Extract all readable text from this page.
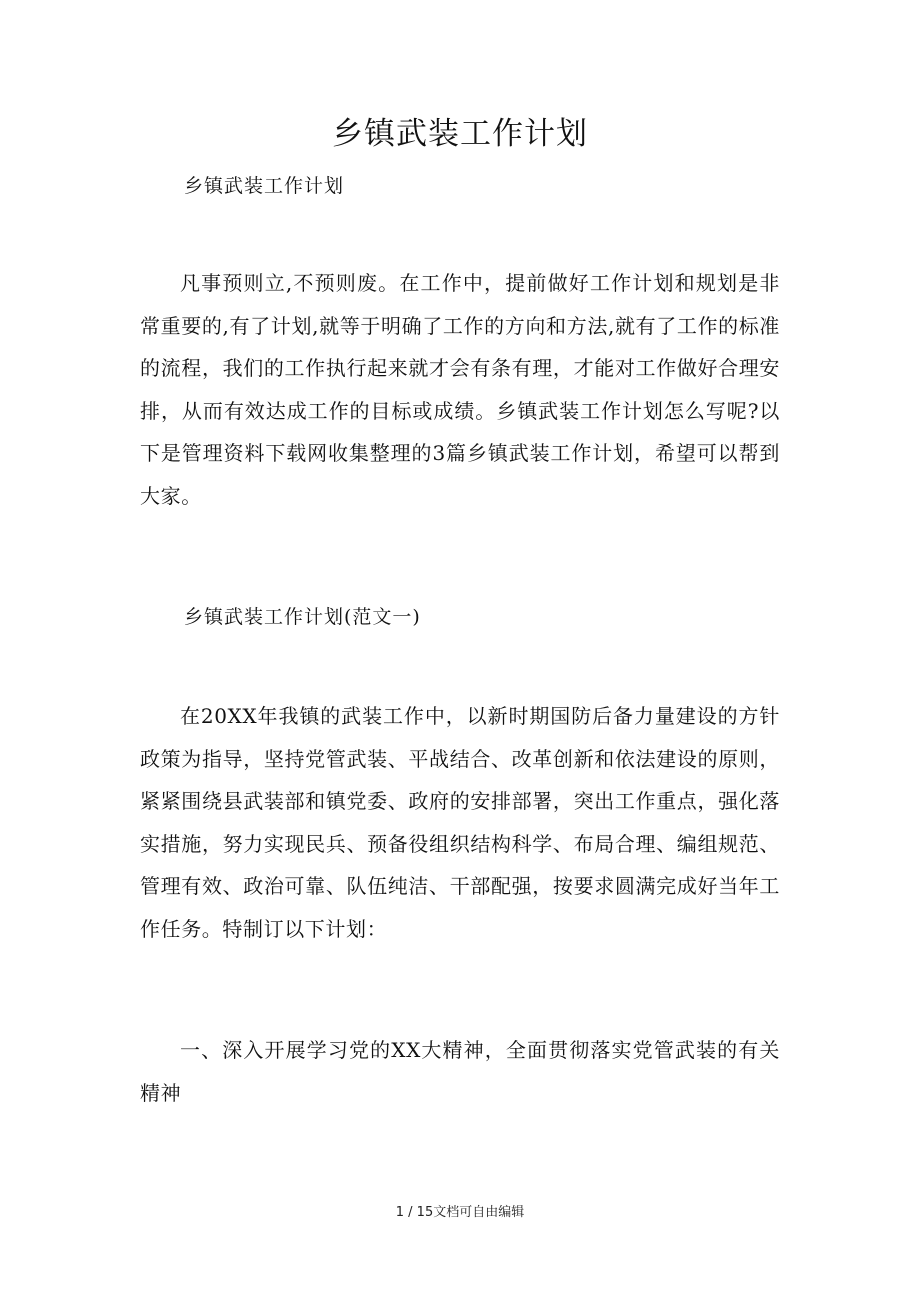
乡镇武装工作计划
乡镇武装工作计划
凡事预则立,不预则废。在工作中，提前做好工作计划和规划是非常重要的,有了计划,就等于明确了工作的方向和方法,就有了工作的标准的流程，我们的工作执行起来就才会有条有理，才能对工作做好合理安排，从而有效达成工作的目标或成绩。乡镇武装工作计划怎么写呢?以下是管理资料下载网收集整理的3篇乡镇武装工作计划，希望可以帮到大家。
乡镇武装工作计划(范文一)
在20XX年我镇的武装工作中，以新时期国防后备力量建设的方针政策为指导，坚持党管武装、平战结合、改革创新和依法建设的原则，紧紧围绕县武装部和镇党委、政府的安排部署，突出工作重点，强化落实措施，努力实现民兵、预备役组织结构科学、布局合理、编组规范、管理有效、政治可靠、队伍纯洁、干部配强，按要求圆满完成好当年工作任务。特制订以下计划：
一、深入开展学习党的XX大精神，全面贯彻落实党管武装的有关精神
1 / 15文档可自由编辑
